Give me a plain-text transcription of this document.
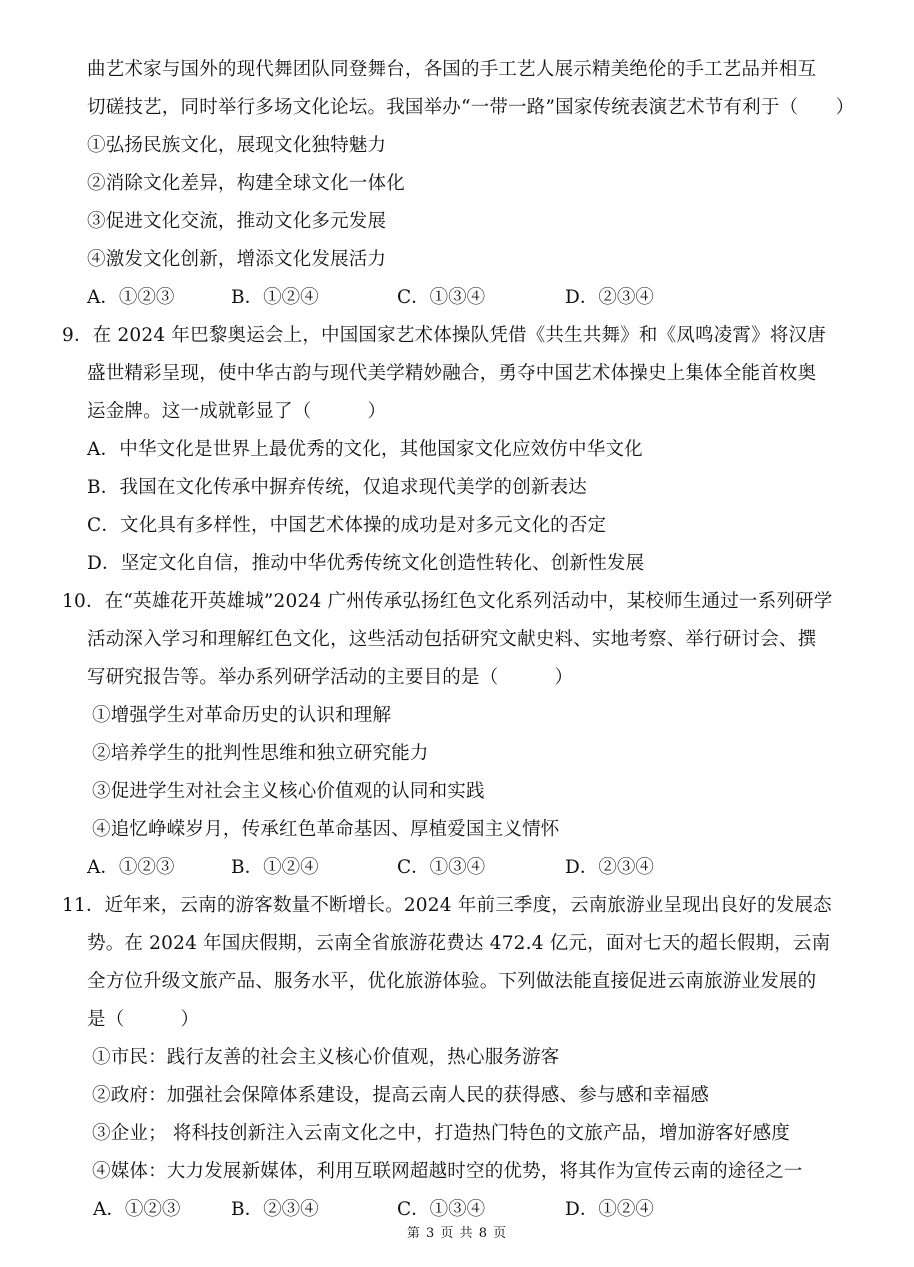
曲艺术家与国外的现代舞团队同登舞台，各国的手工艺人展示精美绝伦的手工艺品并相互
切磋技艺，同时举行多场文化论坛。我国举办“一带一路”国家传统表演艺术节有利于（　　）
①弘扬民族文化，展现文化独特魅力
②消除文化差异，构建全球文化一体化
③促进文化交流，推动文化多元发展
④激发文化创新，增添文化发展活力
A．①②③	B．①②④	C．①③④	D．②③④
9．在 2024 年巴黎奥运会上，中国国家艺术体操队凭借《共生共舞》和《凤鸣凌霄》将汉唐
盛世精彩呈现，使中华古韵与现代美学精妙融合，勇夺中国艺术体操史上集体全能首枚奥
运金牌。这一成就彰显了（　　　）
A．中华文化是世界上最优秀的文化，其他国家文化应效仿中华文化
B．我国在文化传承中摒弃传统，仅追求现代美学的创新表达
C．文化具有多样性，中国艺术体操的成功是对多元文化的否定
D．坚定文化自信，推动中华优秀传统文化创造性转化、创新性发展
10．在“英雄花开英雄城”2024 广州传承弘扬红色文化系列活动中，某校师生通过一系列研学
活动深入学习和理解红色文化，这些活动包括研究文献史料、实地考察、举行研讨会、撰
写研究报告等。举办系列研学活动的主要目的是（　　　）
①增强学生对革命历史的认识和理解
②培养学生的批判性思维和独立研究能力
③促进学生对社会主义核心价值观的认同和实践
④追忆峥嵘岁月，传承红色革命基因、厚植爱国主义情怀
A．①②③	B．①②④	C．①③④	D．②③④
11．近年来，云南的游客数量不断增长。2024 年前三季度，云南旅游业呈现出良好的发展态
势。在 2024 年国庆假期，云南全省旅游花费达 472.4 亿元，面对七天的超长假期，云南
全方位升级文旅产品、服务水平，优化旅游体验。下列做法能直接促进云南旅游业发展的
是（　　　）
①市民：践行友善的社会主义核心价值观，热心服务游客
②政府：加强社会保障体系建设，提高云南人民的获得感、参与感和幸福感
③企业； 将科技创新注入云南文化之中，打造热门特色的文旅产品，增加游客好感度
④媒体：大力发展新媒体，利用互联网超越时空的优势，将其作为宣传云南的途径之一
A．①②③	B．②③④	C．①③④	D．①②④
第 3 页 共 8 页
